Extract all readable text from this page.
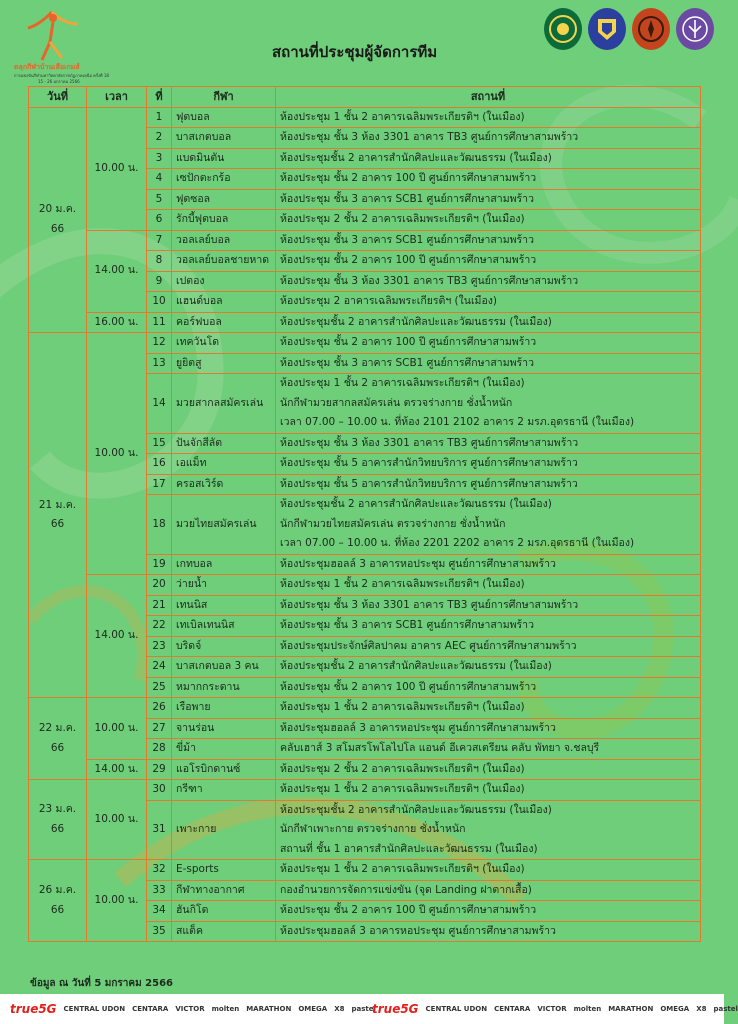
ตลุกกีฬาบ้านเสือเกมส์
การแข่งขันกีฬามหาวิทยาลัยราชภัฏภาคเหนือ ครั้งที่ 18
15 - 26 มกราคม 2566
สถานที่ประชุมผู้จัดการทีม
วันที่	เวลา	ที่	กีฬา	สถานที่
20 ม.ค. 66	10.00 น.	1	ฟุตบอล	ห้องประชุม 1 ชั้น 2 อาคารเฉลิมพระเกียรติฯ (ในเมือง)

		2	บาสเกตบอล	ห้องประชุม ชั้น 3 ห้อง 3301 อาคาร TB3 ศูนย์การศึกษาสามพร้าว

		3	แบดมินตัน	ห้องประชุมชั้น 2 อาคารสำนักศิลปะและวัฒนธรรม (ในเมือง)

		4	เซปักตะกร้อ	ห้องประชุม ชั้น 2 อาคาร 100 ปี ศูนย์การศึกษาสามพร้าว

		5	ฟุตซอล	ห้องประชุม ชั้น 3 อาคาร SCB1 ศูนย์การศึกษาสามพร้าว

		6	รักบี้ฟุตบอล	ห้องประชุม 2 ชั้น 2 อาคารเฉลิมพระเกียรติฯ (ในเมือง)

	14.00 น.	7	วอลเลย์บอล	ห้องประชุม ชั้น 3 อาคาร SCB1 ศูนย์การศึกษาสามพร้าว

		8	วอลเลย์บอลชายหาด	ห้องประชุม ชั้น 2 อาคาร 100 ปี ศูนย์การศึกษาสามพร้าว

		9	เปตอง	ห้องประชุม ชั้น 3 ห้อง 3301 อาคาร TB3 ศูนย์การศึกษาสามพร้าว

		10	แฮนด์บอล	ห้องประชุม 2 อาคารเฉลิมพระเกียรติฯ (ในเมือง)

	16.00 น.	11	คอร์ฟบอล	ห้องประชุมชั้น 2 อาคารสำนักศิลปะและวัฒนธรรม (ในเมือง)

21 ม.ค. 66	10.00 น.	12	เทควันโด	ห้องประชุม ชั้น 2 อาคาร 100 ปี ศูนย์การศึกษาสามพร้าว

		13	ยูยิตสู	ห้องประชุม ชั้น 3 อาคาร SCB1 ศูนย์การศึกษาสามพร้าว

		14	มวยสากลสมัครเล่น	ห้องประชุม 1 ชั้น 2 อาคารเฉลิมพระเกียรติฯ (ในเมือง)
นักกีฬามวยสากลสมัครเล่น ตรวจร่างกาย ชั่งน้ำหนัก
เวลา 07.00 – 10.00 น. ที่ห้อง 2101 2102 อาคาร 2 มรภ.อุดรธานี (ในเมือง)

		15	ปันจักสีลัต	ห้องประชุม ชั้น 3 ห้อง 3301 อาคาร TB3 ศูนย์การศึกษาสามพร้าว

		16	เอแม็ท	ห้องประชุม ชั้น 5 อาคารสำนักวิทยบริการ ศูนย์การศึกษาสามพร้าว

		17	ครอสเวิร์ด	ห้องประชุม ชั้น 5 อาคารสำนักวิทยบริการ ศูนย์การศึกษาสามพร้าว

		18	มวยไทยสมัครเล่น	ห้องประชุมชั้น 2 อาคารสำนักศิลปะและวัฒนธรรม (ในเมือง)
นักกีฬามวยไทยสมัครเล่น ตรวจร่างกาย ชั่งน้ำหนัก
เวลา 07.00 – 10.00 น. ที่ห้อง 2201 2202 อาคาร 2 มรภ.อุดรธานี (ในเมือง)

		19	เกทบอล	ห้องประชุมฮอลล์ 3 อาคารหอประชุม ศูนย์การศึกษาสามพร้าว

	14.00 น.	20	ว่ายน้ำ	ห้องประชุม 1 ชั้น 2 อาคารเฉลิมพระเกียรติฯ (ในเมือง)

		21	เทนนิส	ห้องประชุม ชั้น 3 ห้อง 3301 อาคาร TB3 ศูนย์การศึกษาสามพร้าว

		22	เทเบิลเทนนิส	ห้องประชุม ชั้น 3 อาคาร SCB1 ศูนย์การศึกษาสามพร้าว

		23	บริดจ์	ห้องประชุมประจักษ์ศิลปาคม อาคาร AEC ศูนย์การศึกษาสามพร้าว

		24	บาสเกตบอล 3 คน	ห้องประชุมชั้น 2 อาคารสำนักศิลปะและวัฒนธรรม (ในเมือง)

		25	หมากกระดาน	ห้องประชุม ชั้น 2 อาคาร 100 ปี ศูนย์การศึกษาสามพร้าว

22 ม.ค. 66	10.00 น.	26	เรือพาย	ห้องประชุม 1 ชั้น 2 อาคารเฉลิมพระเกียรติฯ (ในเมือง)

		27	จานร่อน	ห้องประชุมฮอลล์ 3 อาคารหอประชุม ศูนย์การศึกษาสามพร้าว

		28	ขี่ม้า	คลับเฮาส์ 3 สโมสรโพโลไปโล แอนด์ อีเควสเตรียน คลับ พัทยา จ.ชลบุรี

	14.00 น.	29	แอโรบิกดานซ์	ห้องประชุม 2 ชั้น 2 อาคารเฉลิมพระเกียรติฯ (ในเมือง)

23 ม.ค. 66	10.00 น.	30	กรีฑา	ห้องประชุม 1 ชั้น 2 อาคารเฉลิมพระเกียรติฯ (ในเมือง)

		31	เพาะกาย	ห้องประชุมชั้น 2 อาคารสำนักศิลปะและวัฒนธรรม (ในเมือง)
นักกีฬาเพาะกาย ตรวจร่างกาย ชั่งน้ำหนัก
สถานที่ ชั้น 1 อาคารสำนักศิลปะและวัฒนธรรม (ในเมือง)

26 ม.ค. 66	10.00 น.	32	E-sports	ห้องประชุม 1 ชั้น 2 อาคารเฉลิมพระเกียรติฯ (ในเมือง)

		33	กีฬาทางอากาศ	กองอำนวยการจัดการแข่งขัน (จุด Landing ฝาตากเสื้อ)

		34	ฮันกิโด	ห้องประชุม ชั้น 2 อาคาร 100 ปี ศูนย์การศึกษาสามพร้าว

		35	สแต็ค	ห้องประชุมฮอลล์ 3 อาคารหอประชุม ศูนย์การศึกษาสามพร้าว
ข้อมูล ณ วันที่ 5 มกราคม 2566
true5G CENTRAL UDON CENTARA VICTOR molten MARATHON OMEGA X8 pastel
true5G CENTRAL UDON CENTARA VICTOR molten MARATHON OMEGA X8 pastel
